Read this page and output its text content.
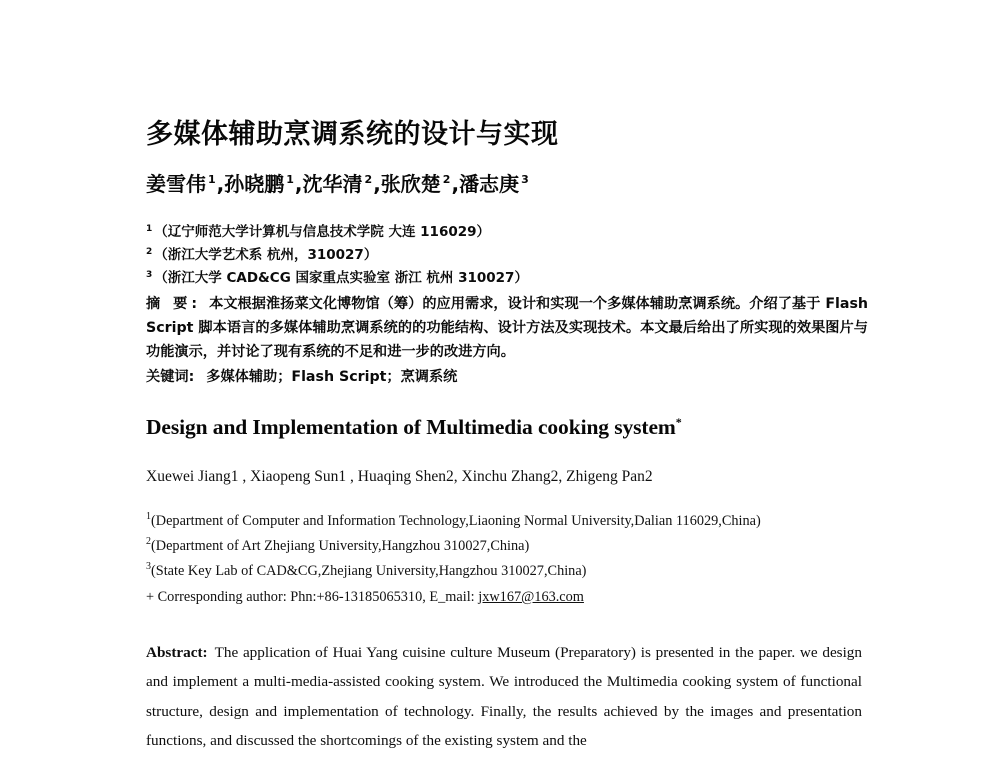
多媒体辅助烹调系统的设计与实现
姜雪伟 $^1$,孙晓鹏 $^1$,沈华清 $^2$,张欣楚 $^2$,潘志庚 $^3$
$^1$ （辽宁师范大学计算机与信息技术学院 大连 116029）
$^2$ （浙江大学艺术系 杭州，310027）
$^3$ （浙江大学 CAD&CG 国家重点实验室 浙江 杭州 310027）
摘 要: 本文根据淮扬菜文化博物馆（筹）的应用需求，设计和实现一个多媒体辅助烹调系统。介绍了基于 Flash Script 脚本语言的多媒体辅助烹调系统的的功能结构、设计方法及实现技术。本文最后给出了所实现的效果图片与功能演示，并讨论了现有系统的不足和进一步的改进方向。
关键词: 多媒体辅助；Flash Script；烹调系统
Design and Implementation of Multimedia cooking system*
Xuewei Jiang1 , Xiaopeng Sun1 , Huaqing Shen2, Xinchu Zhang2, Zhigeng Pan2
$^1$(Department of Computer and Information Technology,Liaoning Normal University,Dalian 116029,China)
$^2$(Department of Art Zhejiang University,Hangzhou 310027,China)
$^3$(State Key Lab of CAD&CG,Zhejiang University,Hangzhou 310027,China)
+ Corresponding author: Phn:+86-13185065310, E_mail: jxw167@163.com

Abstract: The application of Huai Yang cuisine culture Museum (Preparatory) is presented in the paper. we design and implement a multi-media-assisted cooking system. We introduced the Multimedia cooking system of functional structure, design and implementation of technology. Finally, the results achieved by the images and presentation functions, and discussed the shortcomings of the existing system and the
